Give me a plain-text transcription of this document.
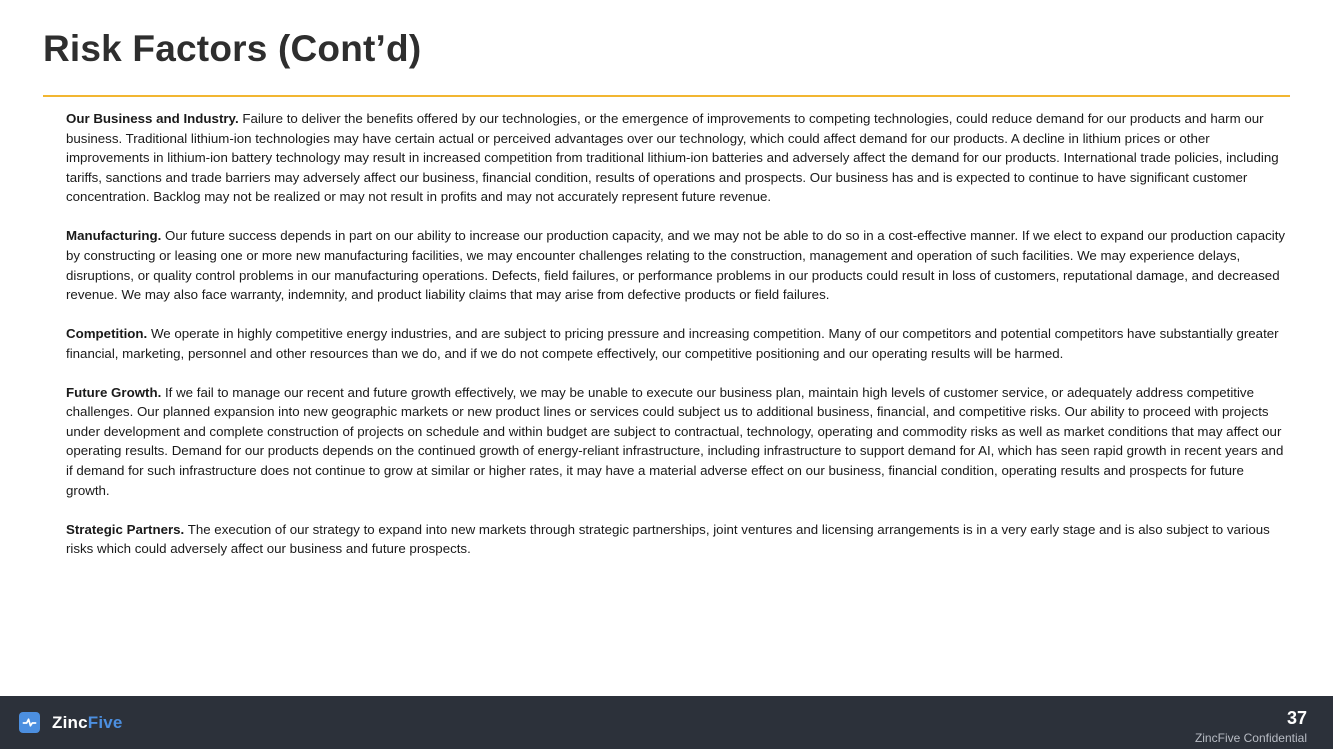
Risk Factors (Cont’d)

Our Business and Industry. Failure to deliver the benefits offered by our technologies, or the emergence of improvements to competing technologies, could reduce demand for our products and harm our business. Traditional lithium-ion technologies may have certain actual or perceived advantages over our technology, which could affect demand for our products. A decline in lithium prices or other improvements in lithium-ion battery technology may result in increased competition from traditional lithium-ion batteries and adversely affect the demand for our products. International trade policies, including tariffs, sanctions and trade barriers may adversely affect our business, financial condition, results of operations and prospects. Our business has and is expected to continue to have significant customer concentration. Backlog may not be realized or may not result in profits and may not accurately represent future revenue.

Manufacturing. Our future success depends in part on our ability to increase our production capacity, and we may not be able to do so in a cost-effective manner. If we elect to expand our production capacity by constructing or leasing one or more new manufacturing facilities, we may encounter challenges relating to the construction, management and operation of such facilities. We may experience delays, disruptions, or quality control problems in our manufacturing operations. Defects, field failures, or performance problems in our products could result in loss of customers, reputational damage, and decreased revenue. We may also face warranty, indemnity, and product liability claims that may arise from defective products or field failures.

Competition. We operate in highly competitive energy industries, and are subject to pricing pressure and increasing competition. Many of our competitors and potential competitors have substantially greater financial, marketing, personnel and other resources than we do, and if we do not compete effectively, our competitive positioning and our operating results will be harmed.

Future Growth. If we fail to manage our recent and future growth effectively, we may be unable to execute our business plan, maintain high levels of customer service, or adequately address competitive challenges. Our planned expansion into new geographic markets or new product lines or services could subject us to additional business, financial, and competitive risks. Our ability to proceed with projects under development and complete construction of projects on schedule and within budget are subject to contractual, technology, operating and commodity risks as well as market conditions that may affect our operating results. Demand for our products depends on the continued growth of energy-reliant infrastructure, including infrastructure to support demand for AI, which has seen rapid growth in recent years and if demand for such infrastructure does not continue to grow at similar or higher rates, it may have a material adverse effect on our business, financial condition, operating results and prospects for future growth.

Strategic Partners. The execution of our strategy to expand into new markets through strategic partnerships, joint ventures and licensing arrangements is in a very early stage and is also subject to various risks which could adversely affect our business and future prospects.

ZincFive	37
ZincFive Confidential
